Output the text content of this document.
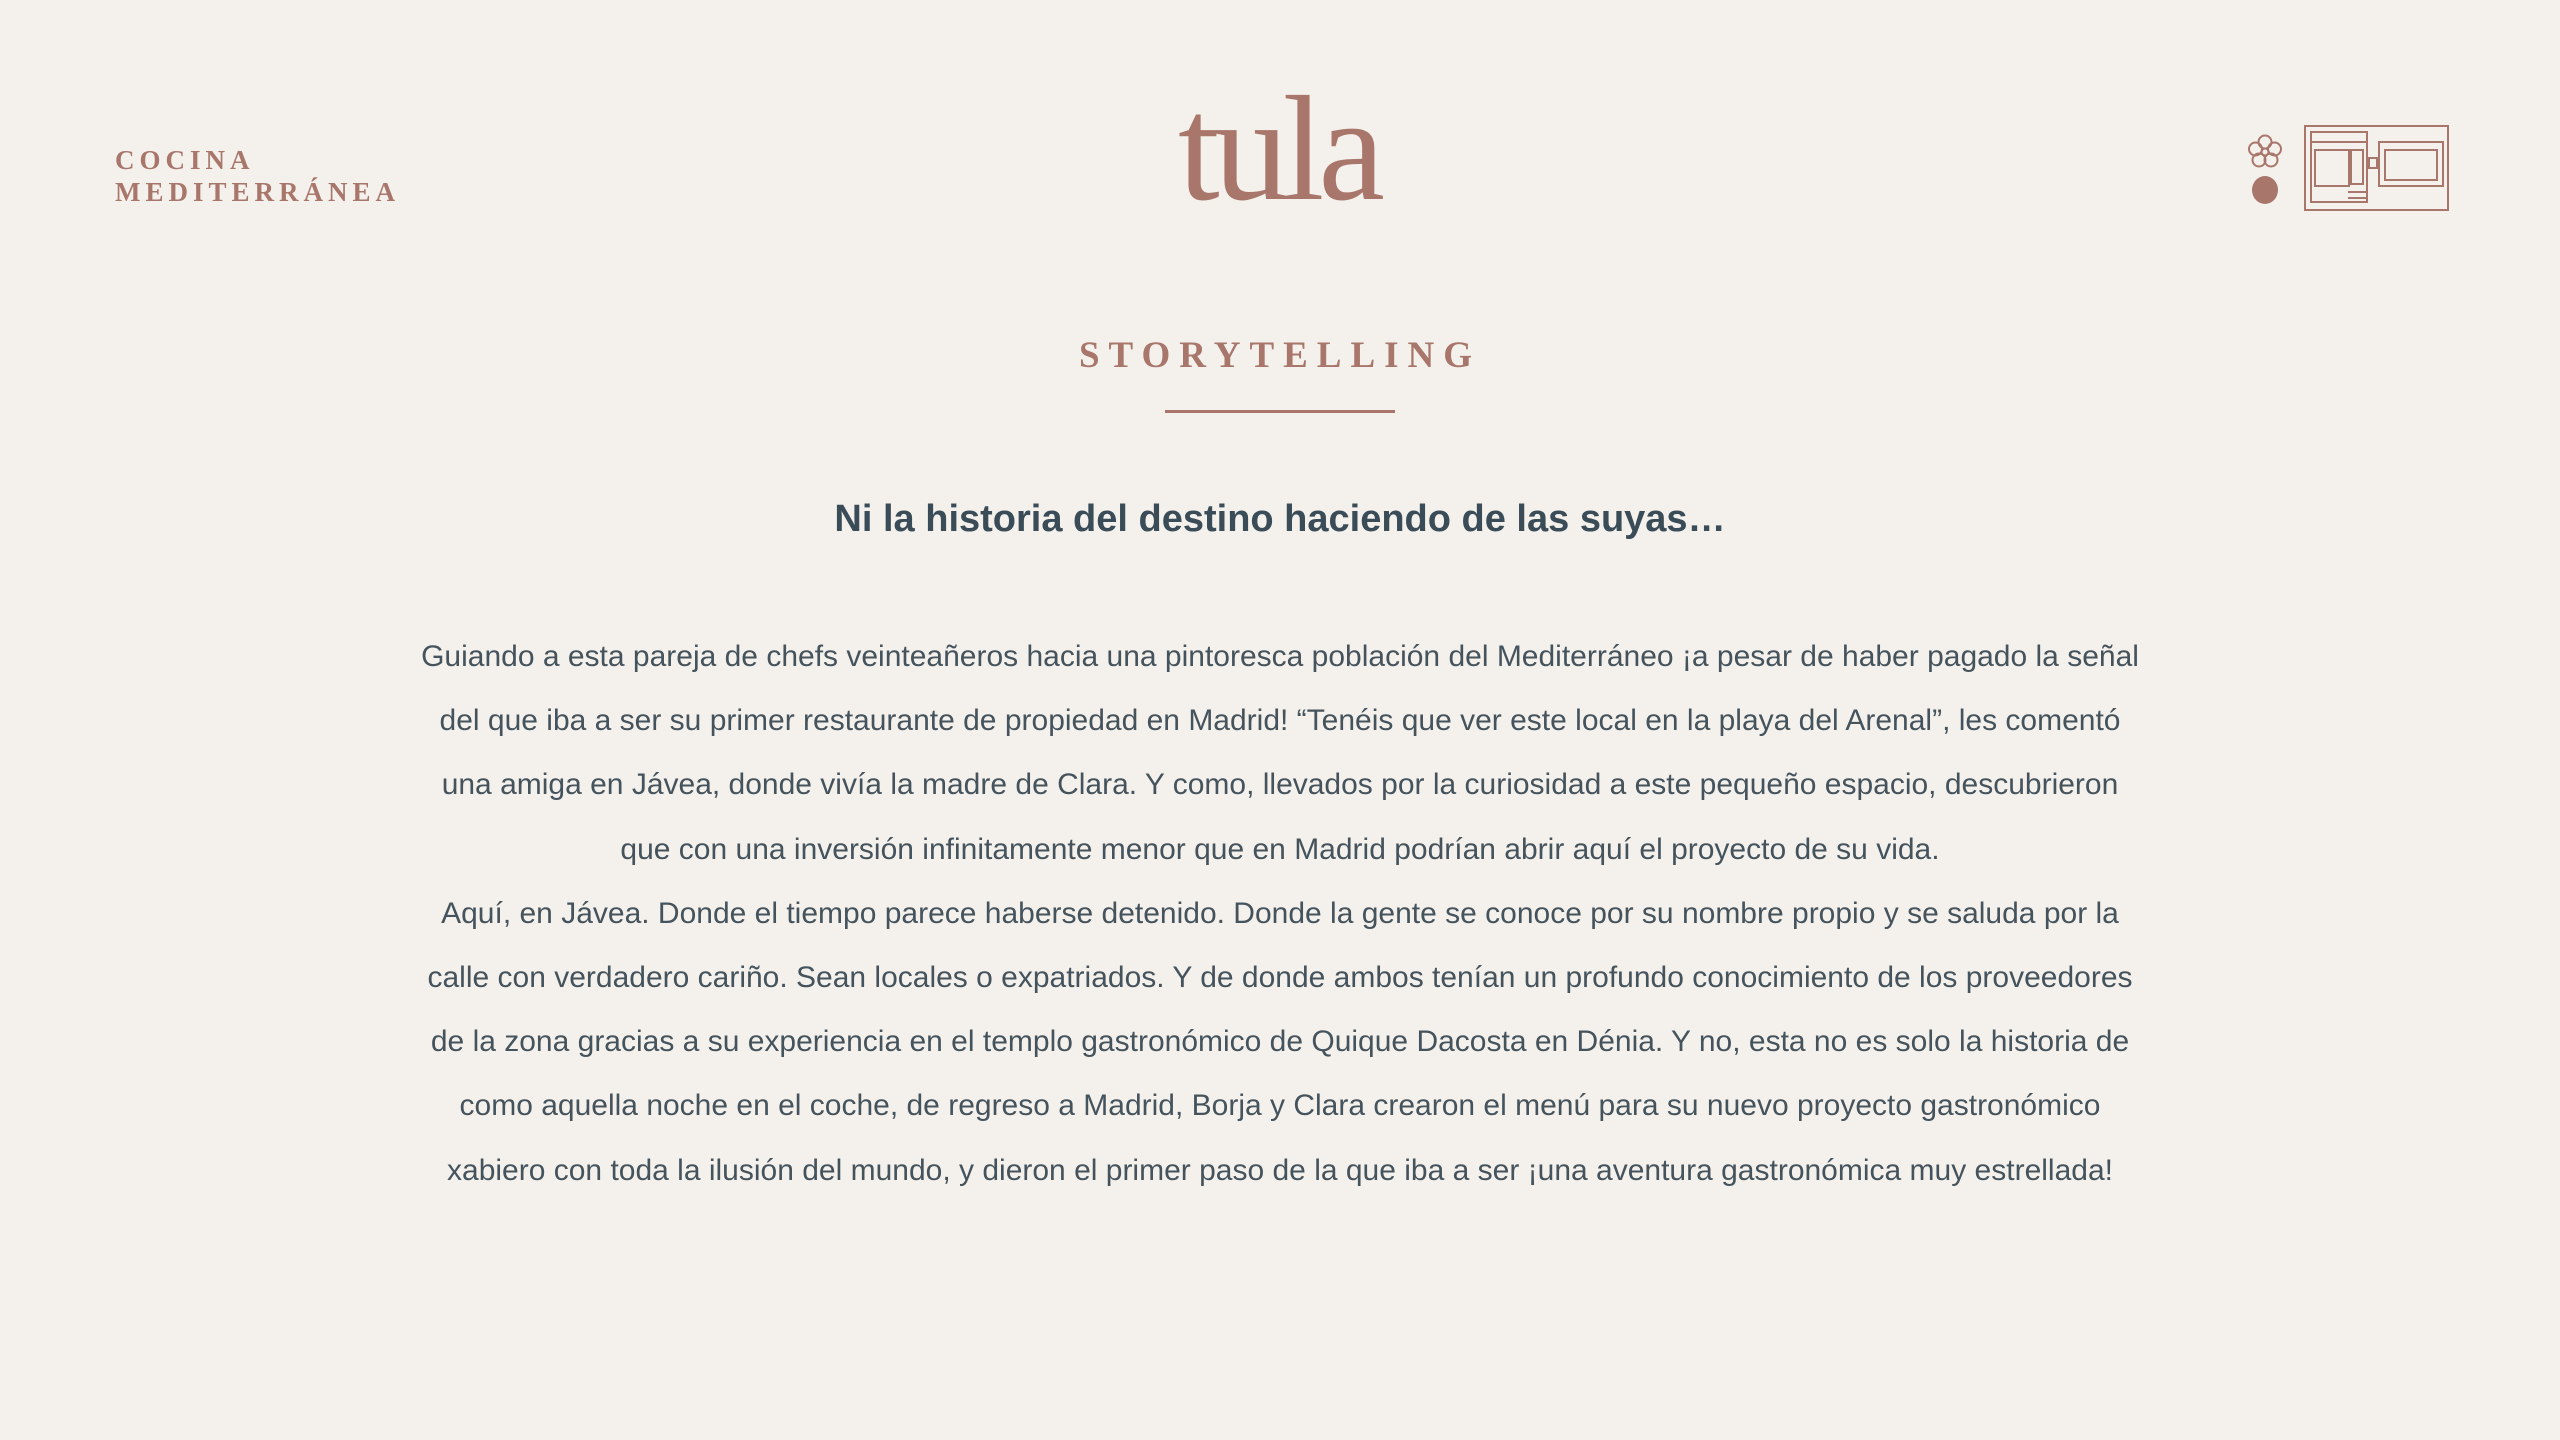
COCINA
MEDITERRÁNEA	tula
STORYTELLING
Ni la historia del destino haciendo de las suyas…

Guiando a esta pareja de chefs veinteañeros hacia una pintoresca población del Mediterráneo ¡a pesar de haber pagado la señal del que iba a ser su primer restaurante de propiedad en Madrid! “Tenéis que ver este local en la playa del Arenal”, les comentó una amiga en Jávea, donde vivía la madre de Clara. Y como, llevados por la curiosidad a este pequeño espacio, descubrieron que con una inversión infinitamente menor que en Madrid podrían abrir aquí el proyecto de su vida.

Aquí, en Jávea. Donde el tiempo parece haberse detenido. Donde la gente se conoce por su nombre propio y se saluda por la calle con verdadero cariño. Sean locales o expatriados. Y de donde ambos tenían un profundo conocimiento de los proveedores de la zona gracias a su experiencia en el templo gastronómico de Quique Dacosta en Dénia. Y no, esta no es solo la historia de como aquella noche en el coche, de regreso a Madrid, Borja y Clara crearon el menú para su nuevo proyecto gastronómico xabiero con toda la ilusión del mundo, y dieron el primer paso de la que iba a ser ¡una aventura gastronómica muy estrellada!
